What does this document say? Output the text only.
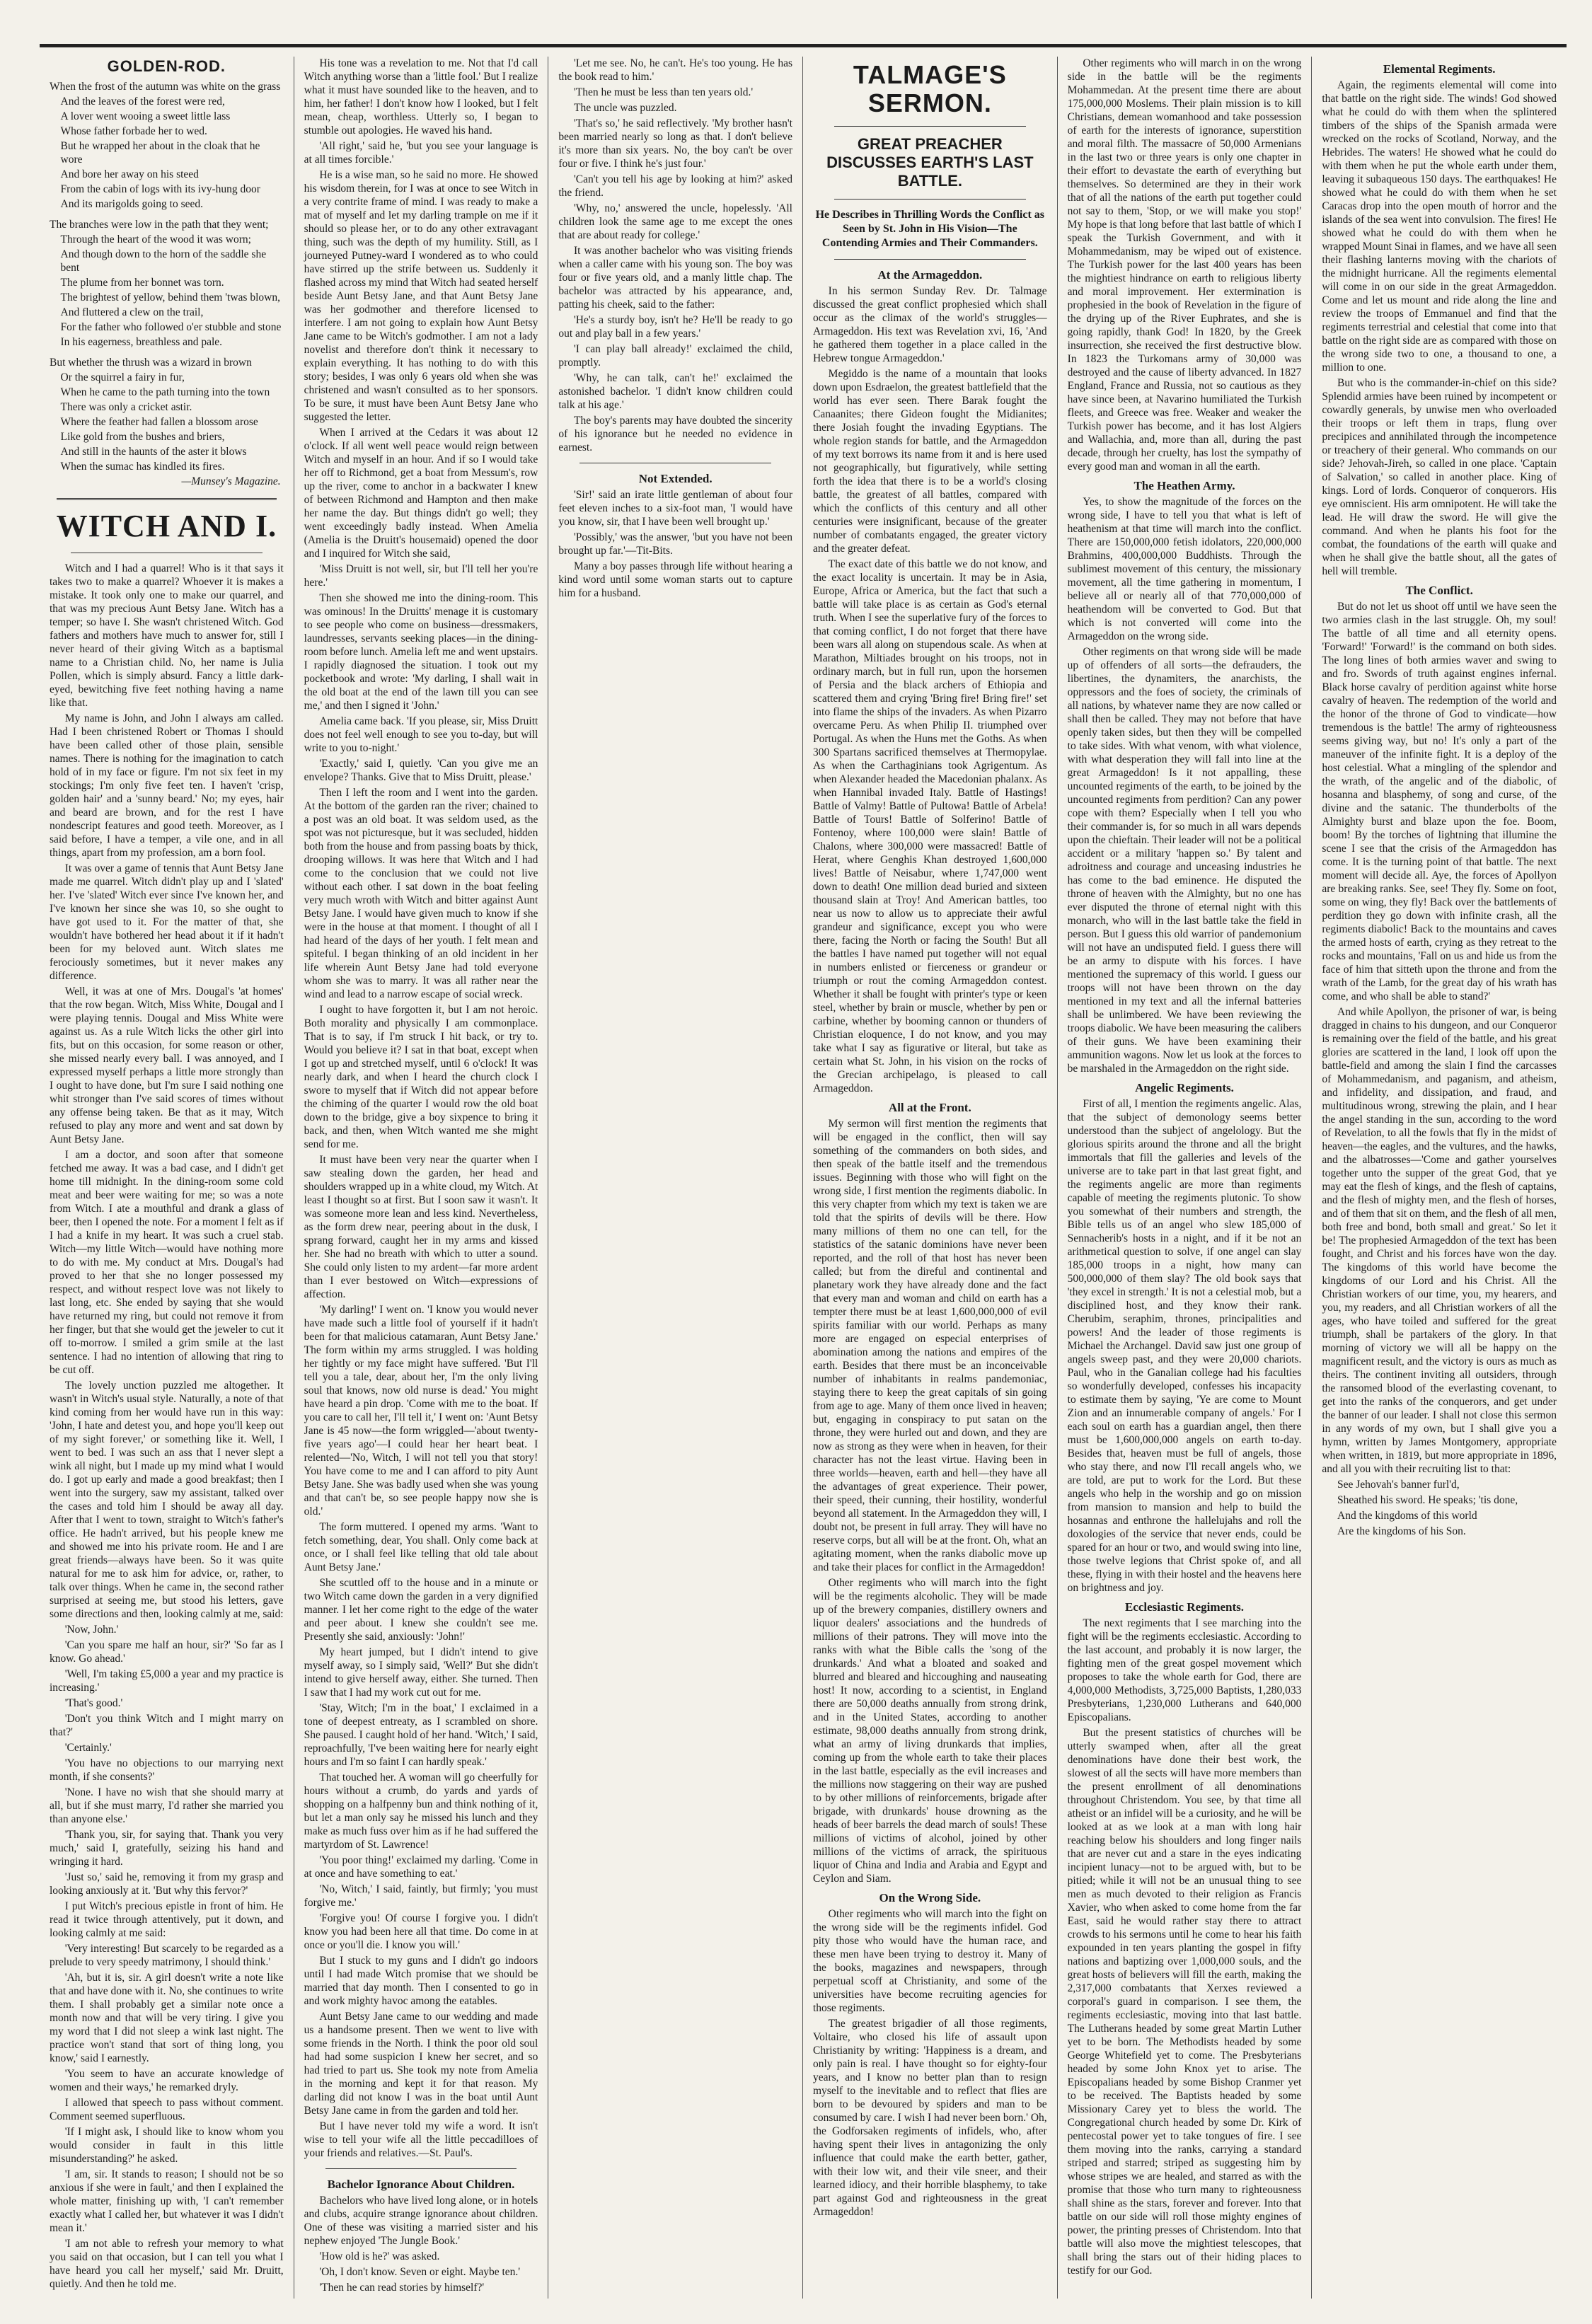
GOLDEN-ROD.

When the frost of the autumn was white on the grass

And the leaves of the forest were red,

A lover went wooing a sweet little lass

Whose father forbade her to wed.

But he wrapped her about in the cloak that he wore

And bore her away on his steed

From the cabin of logs with its ivy-hung door

And its marigolds going to seed.

The branches were low in the path that they went;

Through the heart of the wood it was worn;

And though down to the horn of the saddle she bent

The plume from her bonnet was torn.

The brightest of yellow, behind them 'twas blown,

And fluttered a clew on the trail,

For the father who followed o'er stubble and stone

In his eagerness, breathless and pale.

But whether the thrush was a wizard in brown

Or the squirrel a fairy in fur,

When he came to the path turning into the town

There was only a cricket astir.

Where the feather had fallen a blossom arose

Like gold from the bushes and briers,

And still in the haunts of the aster it blows

When the sumac has kindled its fires.

—Munsey's Magazine.

WITCH AND I.

Witch and I had a quarrel! Who is it that says it takes two to make a quarrel? Whoever it is makes a mistake. It took only one to make our quarrel, and that was my precious Aunt Betsy Jane. Witch has a temper; so have I. She wasn't christened Witch. God fathers and mothers have much to answer for, still I never heard of their giving Witch as a baptismal name to a Christian child. No, her name is Julia Pollen, which is simply absurd. Fancy a little dark-eyed, bewitching five feet nothing having a name like that.

My name is John, and John I always am called. Had I been christened Robert or Thomas I should have been called other of those plain, sensible names. There is nothing for the imagination to catch hold of in my face or figure. I'm not six feet in my stockings; I'm only five feet ten. I haven't 'crisp, golden hair' and a 'sunny beard.' No; my eyes, hair and beard are brown, and for the rest I have nondescript features and good teeth. Moreover, as I said before, I have a temper, a vile one, and in all things, apart from my profession, am a born fool.

It was over a game of tennis that Aunt Betsy Jane made me quarrel. Witch didn't play up and I 'slated' her. I've 'slated' Witch ever since I've known her, and I've known her since she was 10, so she ought to have got used to it. For the matter of that, she wouldn't have bothered her head about it if it hadn't been for my beloved aunt. Witch slates me ferociously sometimes, but it never makes any difference.

Well, it was at one of Mrs. Dougal's 'at homes' that the row began. Witch, Miss White, Dougal and I were playing tennis. Dougal and Miss White were against us. As a rule Witch licks the other girl into fits, but on this occasion, for some reason or other, she missed nearly every ball. I was annoyed, and I expressed myself perhaps a little more strongly than I ought to have done, but I'm sure I said nothing one whit stronger than I've said scores of times without any offense being taken. Be that as it may, Witch refused to play any more and went and sat down by Aunt Betsy Jane.

I am a doctor, and soon after that someone fetched me away. It was a bad case, and I didn't get home till midnight. In the dining-room some cold meat and beer were waiting for me; so was a note from Witch. I ate a mouthful and drank a glass of beer, then I opened the note. For a moment I felt as if I had a knife in my heart. It was such a cruel stab. Witch—my little Witch—would have nothing more to do with me. My conduct at Mrs. Dougal's had proved to her that she no longer possessed my respect, and without respect love was not likely to last long, etc. She ended by saying that she would have returned my ring, but could not remove it from her finger, but that she would get the jeweler to cut it off to-morrow. I smiled a grim smile at the last sentence. I had no intention of allowing that ring to be cut off.

The lovely unction puzzled me altogether. It wasn't in Witch's usual style. Naturally, a note of that kind coming from her would have run in this way: 'John, I hate and detest you, and hope you'll keep out of my sight forever,' or something like it. Well, I went to bed. I was such an ass that I never slept a wink all night, but I made up my mind what I would do. I got up early and made a good breakfast; then I went into the surgery, saw my assistant, talked over the cases and told him I should be away all day. After that I went to town, straight to Witch's father's office. He hadn't arrived, but his people knew me and showed me into his private room. He and I are great friends—always have been. So it was quite natural for me to ask him for advice, or, rather, to talk over things. When he came in, the second rather surprised at seeing me, but stood his letters, gave some directions and then, looking calmly at me, said:

'Now, John.'

'Can you spare me half an hour, sir?' 'So far as I know. Go ahead.'

'Well, I'm taking £5,000 a year and my practice is increasing.'

'That's good.'

'Don't you think Witch and I might marry on that?'

'Certainly.'

'You have no objections to our marrying next month, if she consents?'

'None. I have no wish that she should marry at all, but if she must marry, I'd rather she married you than anyone else.'

'Thank you, sir, for saying that. Thank you very much,' said I, gratefully, seizing his hand and wringing it hard.

'Just so,' said he, removing it from my grasp and looking anxiously at it. 'But why this fervor?'

I put Witch's precious epistle in front of him. He read it twice through attentively, put it down, and looking calmly at me said:

'Very interesting! But scarcely to be regarded as a prelude to very speedy matrimony, I should think.'

'Ah, but it is, sir. A girl doesn't write a note like that and have done with it. No, she continues to write them. I shall probably get a similar note once a month now and that will be very tiring. I give you my word that I did not sleep a wink last night. The practice won't stand that sort of thing long, you know,' said I earnestly.

'You seem to have an accurate knowledge of women and their ways,' he remarked dryly.

I allowed that speech to pass without comment. Comment seemed superfluous.

'If I might ask, I should like to know whom you would consider in fault in this little misunderstanding?' he asked.

'I am, sir. It stands to reason; I should not be so anxious if she were in fault,' and then I explained the whole matter, finishing up with, 'I can't remember exactly what I called her, but whatever it was I didn't mean it.'

'I am not able to refresh your memory to what you said on that occasion, but I can tell you what I have heard you call her myself,' said Mr. Druitt, quietly. And then he told me.

His tone was a revelation to me. Not that I'd call Witch anything worse than a 'little fool.' But I realize what it must have sounded like to the heaven, and to him, her father! I don't know how I looked, but I felt mean, cheap, worthless. Utterly so, I began to stumble out apologies. He waved his hand.

'All right,' said he, 'but you see your language is at all times forcible.'

He is a wise man, so he said no more. He showed his wisdom therein, for I was at once to see Witch in a very contrite frame of mind. I was ready to make a mat of myself and let my darling trample on me if it should so please her, or to do any other extravagant thing, such was the depth of my humility. Still, as I journeyed Putney-ward I wondered as to who could have stirred up the strife between us. Suddenly it flashed across my mind that Witch had seated herself beside Aunt Betsy Jane, and that Aunt Betsy Jane was her godmother and therefore licensed to interfere. I am not going to explain how Aunt Betsy Jane came to be Witch's godmother. I am not a lady novelist and therefore don't think it necessary to explain everything. It has nothing to do with this story; besides, I was only 6 years old when she was christened and wasn't consulted as to her sponsors. To be sure, it must have been Aunt Betsy Jane who suggested the letter.

When I arrived at the Cedars it was about 12 o'clock. If all went well peace would reign between Witch and myself in an hour. And if so I would take her off to Richmond, get a boat from Messum's, row up the river, come to anchor in a backwater I knew of between Richmond and Hampton and then make her name the day. But things didn't go well; they went exceedingly badly instead. When Amelia (Amelia is the Druitt's housemaid) opened the door and I inquired for Witch she said,

'Miss Druitt is not well, sir, but I'll tell her you're here.'

Then she showed me into the dining-room. This was ominous! In the Druitts' menage it is customary to see people who come on business—dressmakers, laundresses, servants seeking places—in the dining-room before lunch. Amelia left me and went upstairs. I rapidly diagnosed the situation. I took out my pocketbook and wrote: 'My darling, I shall wait in the old boat at the end of the lawn till you can see me,' and then I signed it 'John.'

Amelia came back. 'If you please, sir, Miss Druitt does not feel well enough to see you to-day, but will write to you to-night.'

'Exactly,' said I, quietly. 'Can you give me an envelope? Thanks. Give that to Miss Druitt, please.'

Then I left the room and I went into the garden. At the bottom of the garden ran the river; chained to a post was an old boat. It was seldom used, as the spot was not picturesque, but it was secluded, hidden both from the house and from passing boats by thick, drooping willows. It was here that Witch and I had come to the conclusion that we could not live without each other. I sat down in the boat feeling very much wroth with Witch and bitter against Aunt Betsy Jane. I would have given much to know if she were in the house at that moment. I thought of all I had heard of the days of her youth. I felt mean and spiteful. I began thinking of an old incident in her life wherein Aunt Betsy Jane had told everyone whom she was to marry. It was all rather near the wind and lead to a narrow escape of social wreck.

I ought to have forgotten it, but I am not heroic. Both morality and physically I am commonplace. That is to say, if I'm struck I hit back, or try to. Would you believe it? I sat in that boat, except when I got up and stretched myself, until 6 o'clock! It was nearly dark, and when I heard the church clock I swore to myself that if Witch did not appear before the chiming of the quarter I would row the old boat down to the bridge, give a boy sixpence to bring it back, and then, when Witch wanted me she might send for me.

It must have been very near the quarter when I saw stealing down the garden, her head and shoulders wrapped up in a white cloud, my Witch. At least I thought so at first. But I soon saw it wasn't. It was someone more lean and less kind. Nevertheless, as the form drew near, peering about in the dusk, I sprang forward, caught her in my arms and kissed her. She had no breath with which to utter a sound. She could only listen to my ardent—far more ardent than I ever bestowed on Witch—expressions of affection.

'My darling!' I went on. 'I know you would never have made such a little fool of yourself if it hadn't been for that malicious catamaran, Aunt Betsy Jane.' The form within my arms struggled. I was holding her tightly or my face might have suffered. 'But I'll tell you a tale, dear, about her, I'm the only living soul that knows, now old nurse is dead.' You might have heard a pin drop. 'Come with me to the boat. If you care to call her, I'll tell it,' I went on: 'Aunt Betsy Jane is 45 now—the form wriggled—'about twenty-five years ago'—I could hear her heart beat. I relented—'No, Witch, I will not tell you that story! You have come to me and I can afford to pity Aunt Betsy Jane. She was badly used when she was young and that can't be, so see people happy now she is old.'

The form muttered. I opened my arms. 'Want to fetch something, dear, You shall. Only come back at once, or I shall feel like telling that old tale about Aunt Betsy Jane.'

She scuttled off to the house and in a minute or two Witch came down the garden in a very dignified manner. I let her come right to the edge of the water and peer about. I knew she couldn't see me. Presently she said, anxiously: 'John!'

My heart jumped, but I didn't intend to give myself away, so I simply said, 'Well?' But she didn't intend to give herself away, either. She turned. Then I saw that I had my work cut out for me.

'Stay, Witch; I'm in the boat,' I exclaimed in a tone of deepest entreaty, as I scrambled on shore. She paused. I caught hold of her hand. 'Witch,' I said, reproachfully, 'I've been waiting here for nearly eight hours and I'm so faint I can hardly speak.'

That touched her. A woman will go cheerfully for hours without a crumb, do yards and yards of shopping on a halfpenny bun and think nothing of it, but let a man only say he missed his lunch and they make as much fuss over him as if he had suffered the martyrdom of St. Lawrence!

'You poor thing!' exclaimed my darling. 'Come in at once and have something to eat.'

'No, Witch,' I said, faintly, but firmly; 'you must forgive me.'

'Forgive you! Of course I forgive you. I didn't know you had been here all that time. Do come in at once or you'll die. I know you will.'

But I stuck to my guns and I didn't go indoors until I had made Witch promise that we should be married that day month. Then I consented to go in and work mighty havoc among the eatables.

Aunt Betsy Jane came to our wedding and made us a handsome present. Then we went to live with some friends in the North. I think the poor old soul had had some suspicion I knew her secret, and so had tried to part us. She took my note from Amelia in the morning and kept it for that reason. My darling did not know I was in the boat until Aunt Betsy Jane came in from the garden and told her.

But I have never told my wife a word. It isn't wise to tell your wife all the little peccadilloes of your friends and relatives.—St. Paul's.

Bachelor Ignorance About Children.

Bachelors who have lived long alone, or in hotels and clubs, acquire strange ignorance about children. One of these was visiting a married sister and his nephew enjoyed 'The Jungle Book.'

'How old is he?' was asked.

'Oh, I don't know. Seven or eight. Maybe ten.'

'Then he can read stories by himself?'

'Let me see. No, he can't. He's too young. He has the book read to him.'

'Then he must be less than ten years old.'

The uncle was puzzled.

'That's so,' he said reflectively. 'My brother hasn't been married nearly so long as that. I don't believe it's more than six years. No, the boy can't be over four or five. I think he's just four.'

'Can't you tell his age by looking at him?' asked the friend.

'Why, no,' answered the uncle, hopelessly. 'All children look the same age to me except the ones that are about ready for college.'

It was another bachelor who was visiting friends when a caller came with his young son. The boy was four or five years old, and a manly little chap. The bachelor was attracted by his appearance, and, patting his cheek, said to the father:

'He's a sturdy boy, isn't he? He'll be ready to go out and play ball in a few years.'

'I can play ball already!' exclaimed the child, promptly.

'Why, he can talk, can't he!' exclaimed the astonished bachelor. 'I didn't know children could talk at his age.'

The boy's parents may have doubted the sincerity of his ignorance but he needed no evidence in earnest.

Not Extended.

'Sir!' said an irate little gentleman of about four feet eleven inches to a six-foot man, 'I would have you know, sir, that I have been well brought up.'

'Possibly,' was the answer, 'but you have not been brought up far.'—Tit-Bits.

Many a boy passes through life without hearing a kind word until some woman starts out to capture him for a husband.

TALMAGE'S SERMON.
GREAT PREACHER DISCUSSES EARTH'S LAST BATTLE.
He Describes in Thrilling Words the Conflict as Seen by St. John in His Vision—The Contending Armies and Their Commanders.
At the Armageddon.

In his sermon Sunday Rev. Dr. Talmage discussed the great conflict prophesied which shall occur as the climax of the world's struggles—Armageddon. His text was Revelation xvi, 16, 'And he gathered them together in a place called in the Hebrew tongue Armageddon.'

Megiddo is the name of a mountain that looks down upon Esdraelon, the greatest battlefield that the world has ever seen. There Barak fought the Canaanites; there Gideon fought the Midianites; there Josiah fought the invading Egyptians. The whole region stands for battle, and the Armageddon of my text borrows its name from it and is here used not geographically, but figuratively, while setting forth the idea that there is to be a world's closing battle, the greatest of all battles, compared with which the conflicts of this century and all other centuries were insignificant, because of the greater number of combatants engaged, the greater victory and the greater defeat.

The exact date of this battle we do not know, and the exact locality is uncertain. It may be in Asia, Europe, Africa or America, but the fact that such a battle will take place is as certain as God's eternal truth. When I see the superlative fury of the forces to that coming conflict, I do not forget that there have been wars all along on stupendous scale. As when at Marathon, Miltiades brought on his troops, not in ordinary march, but in full run, upon the horsemen of Persia and the black archers of Ethiopia and scattered them and crying 'Bring fire! Bring fire!' set into flame the ships of the invaders. As when Pizarro overcame Peru. As when Philip II. triumphed over Portugal. As when the Huns met the Goths. As when 300 Spartans sacrificed themselves at Thermopylae. As when the Carthaginians took Agrigentum. As when Alexander headed the Macedonian phalanx. As when Hannibal invaded Italy. Battle of Hastings! Battle of Valmy! Battle of Pultowa! Battle of Arbela! Battle of Tours! Battle of Solferino! Battle of Fontenoy, where 100,000 were slain! Battle of Chalons, where 300,000 were massacred! Battle of Herat, where Genghis Khan destroyed 1,600,000 lives! Battle of Neisabur, where 1,747,000 went down to death! One million dead buried and sixteen thousand slain at Troy! And American battles, too near us now to allow us to appreciate their awful grandeur and significance, except you who were there, facing the North or facing the South! But all the battles I have named put together will not equal in numbers enlisted or fierceness or grandeur or triumph or rout the coming Armageddon contest. Whether it shall be fought with printer's type or keen steel, whether by brain or muscle, whether by pen or carbine, whether by booming cannon or thunders of Christian eloquence, I do not know, and you may take what I say as figurative or literal, but take as certain what St. John, in his vision on the rocks of the Grecian archipelago, is pleased to call Armageddon.

All at the Front.

My sermon will first mention the regiments that will be engaged in the conflict, then will say something of the commanders on both sides, and then speak of the battle itself and the tremendous issues. Beginning with those who will fight on the wrong side, I first mention the regiments diabolic. In this very chapter from which my text is taken we are told that the spirits of devils will be there. How many millions of them no one can tell, for the statistics of the satanic dominions have never been reported, and the roll of that host has never been called; but from the direful and continental and planetary work they have already done and the fact that every man and woman and child on earth has a tempter there must be at least 1,600,000,000 of evil spirits familiar with our world. Perhaps as many more are engaged on especial enterprises of abomination among the nations and empires of the earth. Besides that there must be an inconceivable number of inhabitants in realms pandemoniac, staying there to keep the great capitals of sin going from age to age. Many of them once lived in heaven; but, engaging in conspiracy to put satan on the throne, they were hurled out and down, and they are now as strong as they were when in heaven, for their character has not the least virtue. Having been in three worlds—heaven, earth and hell—they have all the advantages of great experience. Their power, their speed, their cunning, their hostility, wonderful beyond all statement. In the Armageddon they will, I doubt not, be present in full array. They will have no reserve corps, but all will be at the front. Oh, what an agitating moment, when the ranks diabolic move up and take their places for conflict in the Armageddon!

Other regiments who will march into the fight will be the regiments alcoholic. They will be made up of the brewery companies, distillery owners and liquor dealers' associations and the hundreds of millions of their patrons. They will move into the ranks with what the Bible calls the 'song of the drunkards.' And what a bloated and soaked and blurred and bleared and hiccoughing and nauseating host! It now, according to a scientist, in England there are 50,000 deaths annually from strong drink, and in the United States, according to another estimate, 98,000 deaths annually from strong drink, what an army of living drunkards that implies, coming up from the whole earth to take their places in the last battle, especially as the evil increases and the millions now staggering on their way are pushed to by other millions of reinforcements, brigade after brigade, with drunkards' house drowning as the heads of beer barrels the dead march of souls! These millions of victims of alcohol, joined by other millions of the victims of arrack, the spirituous liquor of China and India and Arabia and Egypt and Ceylon and Siam.

On the Wrong Side.

Other regiments who will march into the fight on the wrong side will be the regiments infidel. God pity those who would have the human race, and these men have been trying to destroy it. Many of the books, magazines and newspapers, through perpetual scoff at Christianity, and some of the universities have become recruiting agencies for those regiments.

The greatest brigadier of all those regiments, Voltaire, who closed his life of assault upon Christianity by writing: 'Happiness is a dream, and only pain is real. I have thought so for eighty-four years, and I know no better plan than to resign myself to the inevitable and to reflect that flies are born to be devoured by spiders and man to be consumed by care. I wish I had never been born.' Oh, the Godforsaken regiments of infidels, who, after having spent their lives in antagonizing the only influence that could make the earth better, gather, with their low wit, and their vile sneer, and their learned idiocy, and their horrible blasphemy, to take part against God and righteousness in the great Armageddon!

Other regiments who will march in on the wrong side in the battle will be the regiments Mohammedan. At the present time there are about 175,000,000 Moslems. Their plain mission is to kill Christians, demean womanhood and take possession of earth for the interests of ignorance, superstition and moral filth. The massacre of 50,000 Armenians in the last two or three years is only one chapter in their effort to devastate the earth of everything but themselves. So determined are they in their work that of all the nations of the earth put together could not say to them, 'Stop, or we will make you stop!' My hope is that long before that last battle of which I speak the Turkish Government, and with it Mohammedanism, may be wiped out of existence. The Turkish power for the last 400 years has been the mightiest hindrance on earth to religious liberty and moral improvement. Her extermination is prophesied in the book of Revelation in the figure of the drying up of the River Euphrates, and she is going rapidly, thank God! In 1820, by the Greek insurrection, she received the first destructive blow. In 1823 the Turkomans army of 30,000 was destroyed and the cause of liberty advanced. In 1827 England, France and Russia, not so cautious as they have since been, at Navarino humiliated the Turkish fleets, and Greece was free. Weaker and weaker the Turkish power has become, and it has lost Algiers and Wallachia, and, more than all, during the past decade, through her cruelty, has lost the sympathy of every good man and woman in all the earth.

The Heathen Army.

Yes, to show the magnitude of the forces on the wrong side, I have to tell you that what is left of heathenism at that time will march into the conflict. There are 150,000,000 fetish idolators, 220,000,000 Brahmins, 400,000,000 Buddhists. Through the sublimest movement of this century, the missionary movement, all the time gathering in momentum, I believe all or nearly all of that 770,000,000 of heathendom will be converted to God. But that which is not converted will come into the Armageddon on the wrong side.

Other regiments on that wrong side will be made up of offenders of all sorts—the defrauders, the libertines, the dynamiters, the anarchists, the oppressors and the foes of society, the criminals of all nations, by whatever name they are now called or shall then be called. They may not before that have openly taken sides, but then they will be compelled to take sides. With what venom, with what violence, with what desperation they will fall into line at the great Armageddon! Is it not appalling, these uncounted regiments of the earth, to be joined by the uncounted regiments from perdition? Can any power cope with them? Especially when I tell you who their commander is, for so much in all wars depends upon the chieftain. Their leader will not be a political accident or a military 'happen so.' By talent and adroitness and courage and unceasing industries he has come to the bad eminence. He disputed the throne of heaven with the Almighty, but no one has ever disputed the throne of eternal night with this monarch, who will in the last battle take the field in person. But I guess this old warrior of pandemonium will not have an undisputed field. I guess there will be an army to dispute with his forces. I have mentioned the supremacy of this world. I guess our troops will not have been thrown on the day mentioned in my text and all the infernal batteries shall be unlimbered. We have been reviewing the troops diabolic. We have been measuring the calibers of their guns. We have been examining their ammunition wagons. Now let us look at the forces to be marshaled in the Armageddon on the right side.

Angelic Regiments.

First of all, I mention the regiments angelic. Alas, that the subject of demonology seems better understood than the subject of angelology. But the glorious spirits around the throne and all the bright immortals that fill the galleries and levels of the universe are to take part in that last great fight, and the regiments angelic are more than regiments capable of meeting the regiments plutonic. To show you somewhat of their numbers and strength, the Bible tells us of an angel who slew 185,000 of Sennacherib's hosts in a night, and if it be not an arithmetical question to solve, if one angel can slay 185,000 troops in a night, how many can 500,000,000 of them slay? The old book says that 'they excel in strength.' It is not a celestial mob, but a disciplined host, and they know their rank. Cherubim, seraphim, thrones, principalities and powers! And the leader of those regiments is Michael the Archangel. David saw just one group of angels sweep past, and they were 20,000 chariots. Paul, who in the Ganalian college had his faculties so wonderfully developed, confesses his incapacity to estimate them by saying, 'Ye are come to Mount Zion and an innumerable company of angels.' For I each soul on earth has a guardian angel, then there must be 1,600,000,000 angels on earth to-day. Besides that, heaven must be full of angels, those who stay there, and now I'll recall angels who, we are told, are put to work for the Lord. But these angels who help in the worship and go on mission from mansion to mansion and help to build the hosannas and enthrone the hallelujahs and roll the doxologies of the service that never ends, could be spared for an hour or two, and would swing into line, those twelve legions that Christ spoke of, and all these, flying in with their hostel and the heavens here on brightness and joy.

Ecclesiastic Regiments.

The next regiments that I see marching into the fight will be the regiments ecclesiastic. According to the last account, and probably it is now larger, the fighting men of the great gospel movement which proposes to take the whole earth for God, there are 4,000,000 Methodists, 3,725,000 Baptists, 1,280,033 Presbyterians, 1,230,000 Lutherans and 640,000 Episcopalians.

But the present statistics of churches will be utterly swamped when, after all the great denominations have done their best work, the slowest of all the sects will have more members than the present enrollment of all denominations throughout Christendom. You see, by that time all atheist or an infidel will be a curiosity, and he will be looked at as we look at a man with long hair reaching below his shoulders and long finger nails that are never cut and a stare in the eyes indicating incipient lunacy—not to be argued with, but to be pitied; while it will not be an unusual thing to see men as much devoted to their religion as Francis Xavier, who when asked to come home from the far East, said he would rather stay there to attract crowds to his sermons until he come to hear his faith expounded in ten years planting the gospel in fifty nations and baptizing over 1,000,000 souls, and the great hosts of believers will fill the earth, making the 2,317,000 combatants that Xerxes reviewed a corporal's guard in comparison. I see them, the regiments ecclesiastic, moving into that last battle. The Lutherans headed by some great Martin Luther yet to be born. The Methodists headed by some George Whitefield yet to come. The Presbyterians headed by some John Knox yet to arise. The Episcopalians headed by some Bishop Cranmer yet to be received. The Baptists headed by some Missionary Carey yet to bless the world. The Congregational church headed by some Dr. Kirk of pentecostal power yet to take tongues of fire. I see them moving into the ranks, carrying a standard striped and starred; striped as suggesting him by whose stripes we are healed, and starred as with the promise that those who turn many to righteousness shall shine as the stars, forever and forever. Into that battle on our side will roll those mighty engines of power, the printing presses of Christendom. Into that battle will also move the mightiest telescopes, that shall bring the stars out of their hiding places to testify for our God.

Elemental Regiments.

Again, the regiments elemental will come into that battle on the right side. The winds! God showed what he could do with them when the splintered timbers of the ships of the Spanish armada were wrecked on the rocks of Scotland, Norway, and the Hebrides. The waters! He showed what he could do with them when he put the whole earth under them, leaving it subaqueous 150 days. The earthquakes! He showed what he could do with them when he set Caracas drop into the open mouth of horror and the islands of the sea went into convulsion. The fires! He showed what he could do with them when he wrapped Mount Sinai in flames, and we have all seen their flashing lanterns moving with the chariots of the midnight hurricane. All the regiments elemental will come in on our side in the great Armageddon. Come and let us mount and ride along the line and review the troops of Emmanuel and find that the regiments terrestrial and celestial that come into that battle on the right side are as compared with those on the wrong side two to one, a thousand to one, a million to one.

But who is the commander-in-chief on this side? Splendid armies have been ruined by incompetent or cowardly generals, by unwise men who overloaded their troops or left them in traps, flung over precipices and annihilated through the incompetence or treachery of their general. Who commands on our side? Jehovah-Jireh, so called in one place. 'Captain of Salvation,' so called in another place. King of kings. Lord of lords. Conqueror of conquerors. His eye omniscient. His arm omnipotent. He will take the lead. He will draw the sword. He will give the command. And when he plants his foot for the combat, the foundations of the earth will quake and when he shall give the battle shout, all the gates of hell will tremble.

The Conflict.

But do not let us shoot off until we have seen the two armies clash in the last struggle. Oh, my soul! The battle of all time and all eternity opens. 'Forward!' 'Forward!' is the command on both sides. The long lines of both armies waver and swing to and fro. Swords of truth against engines infernal. Black horse cavalry of perdition against white horse cavalry of heaven. The redemption of the world and the honor of the throne of God to vindicate—how tremendous is the battle! The army of righteousness seems giving way, but no! It's only a part of the maneuver of the infinite fight. It is a deploy of the host celestial. What a mingling of the splendor and the wrath, of the angelic and of the diabolic, of hosanna and blasphemy, of song and curse, of the divine and the satanic. The thunderbolts of the Almighty burst and blaze upon the foe. Boom, boom! By the torches of lightning that illumine the scene I see that the crisis of the Armageddon has come. It is the turning point of that battle. The next moment will decide all. Aye, the forces of Apollyon are breaking ranks. See, see! They fly. Some on foot, some on wing, they fly! Back over the battlements of perdition they go down with infinite crash, all the regiments diabolic! Back to the mountains and caves the armed hosts of earth, crying as they retreat to the rocks and mountains, 'Fall on us and hide us from the face of him that sitteth upon the throne and from the wrath of the Lamb, for the great day of his wrath has come, and who shall be able to stand?'

And while Apollyon, the prisoner of war, is being dragged in chains to his dungeon, and our Conqueror is remaining over the field of the battle, and his great glories are scattered in the land, I look off upon the battle-field and among the slain I find the carcasses of Mohammedanism, and paganism, and atheism, and infidelity, and dissipation, and fraud, and multitudinous wrong, strewing the plain, and I hear the angel standing in the sun, according to the word of Revelation, to all the fowls that fly in the midst of heaven—the eagles, and the vultures, and the hawks, and the albatrosses—'Come and gather yourselves together unto the supper of the great God, that ye may eat the flesh of kings, and the flesh of captains, and the flesh of mighty men, and the flesh of horses, and of them that sit on them, and the flesh of all men, both free and bond, both small and great.' So let it be! The prophesied Armageddon of the text has been fought, and Christ and his forces have won the day. The kingdoms of this world have become the kingdoms of our Lord and his Christ. All the Christian workers of our time, you, my hearers, and you, my readers, and all Christian workers of all the ages, who have toiled and suffered for the great triumph, shall be partakers of the glory. In that morning of victory we will all be happy on the magnificent result, and the victory is ours as much as theirs. The continent inviting all outsiders, through the ransomed blood of the everlasting covenant, to get into the ranks of the conquerors, and get under the banner of our leader. I shall not close this sermon in any words of my own, but I shall give you a hymn, written by James Montgomery, appropriate when written, in 1819, but more appropriate in 1896, and all you with their recruiting list to that:

See Jehovah's banner furl'd,

Sheathed his sword. He speaks; 'tis done,

And the kingdoms of this world

Are the kingdoms of his Son.
